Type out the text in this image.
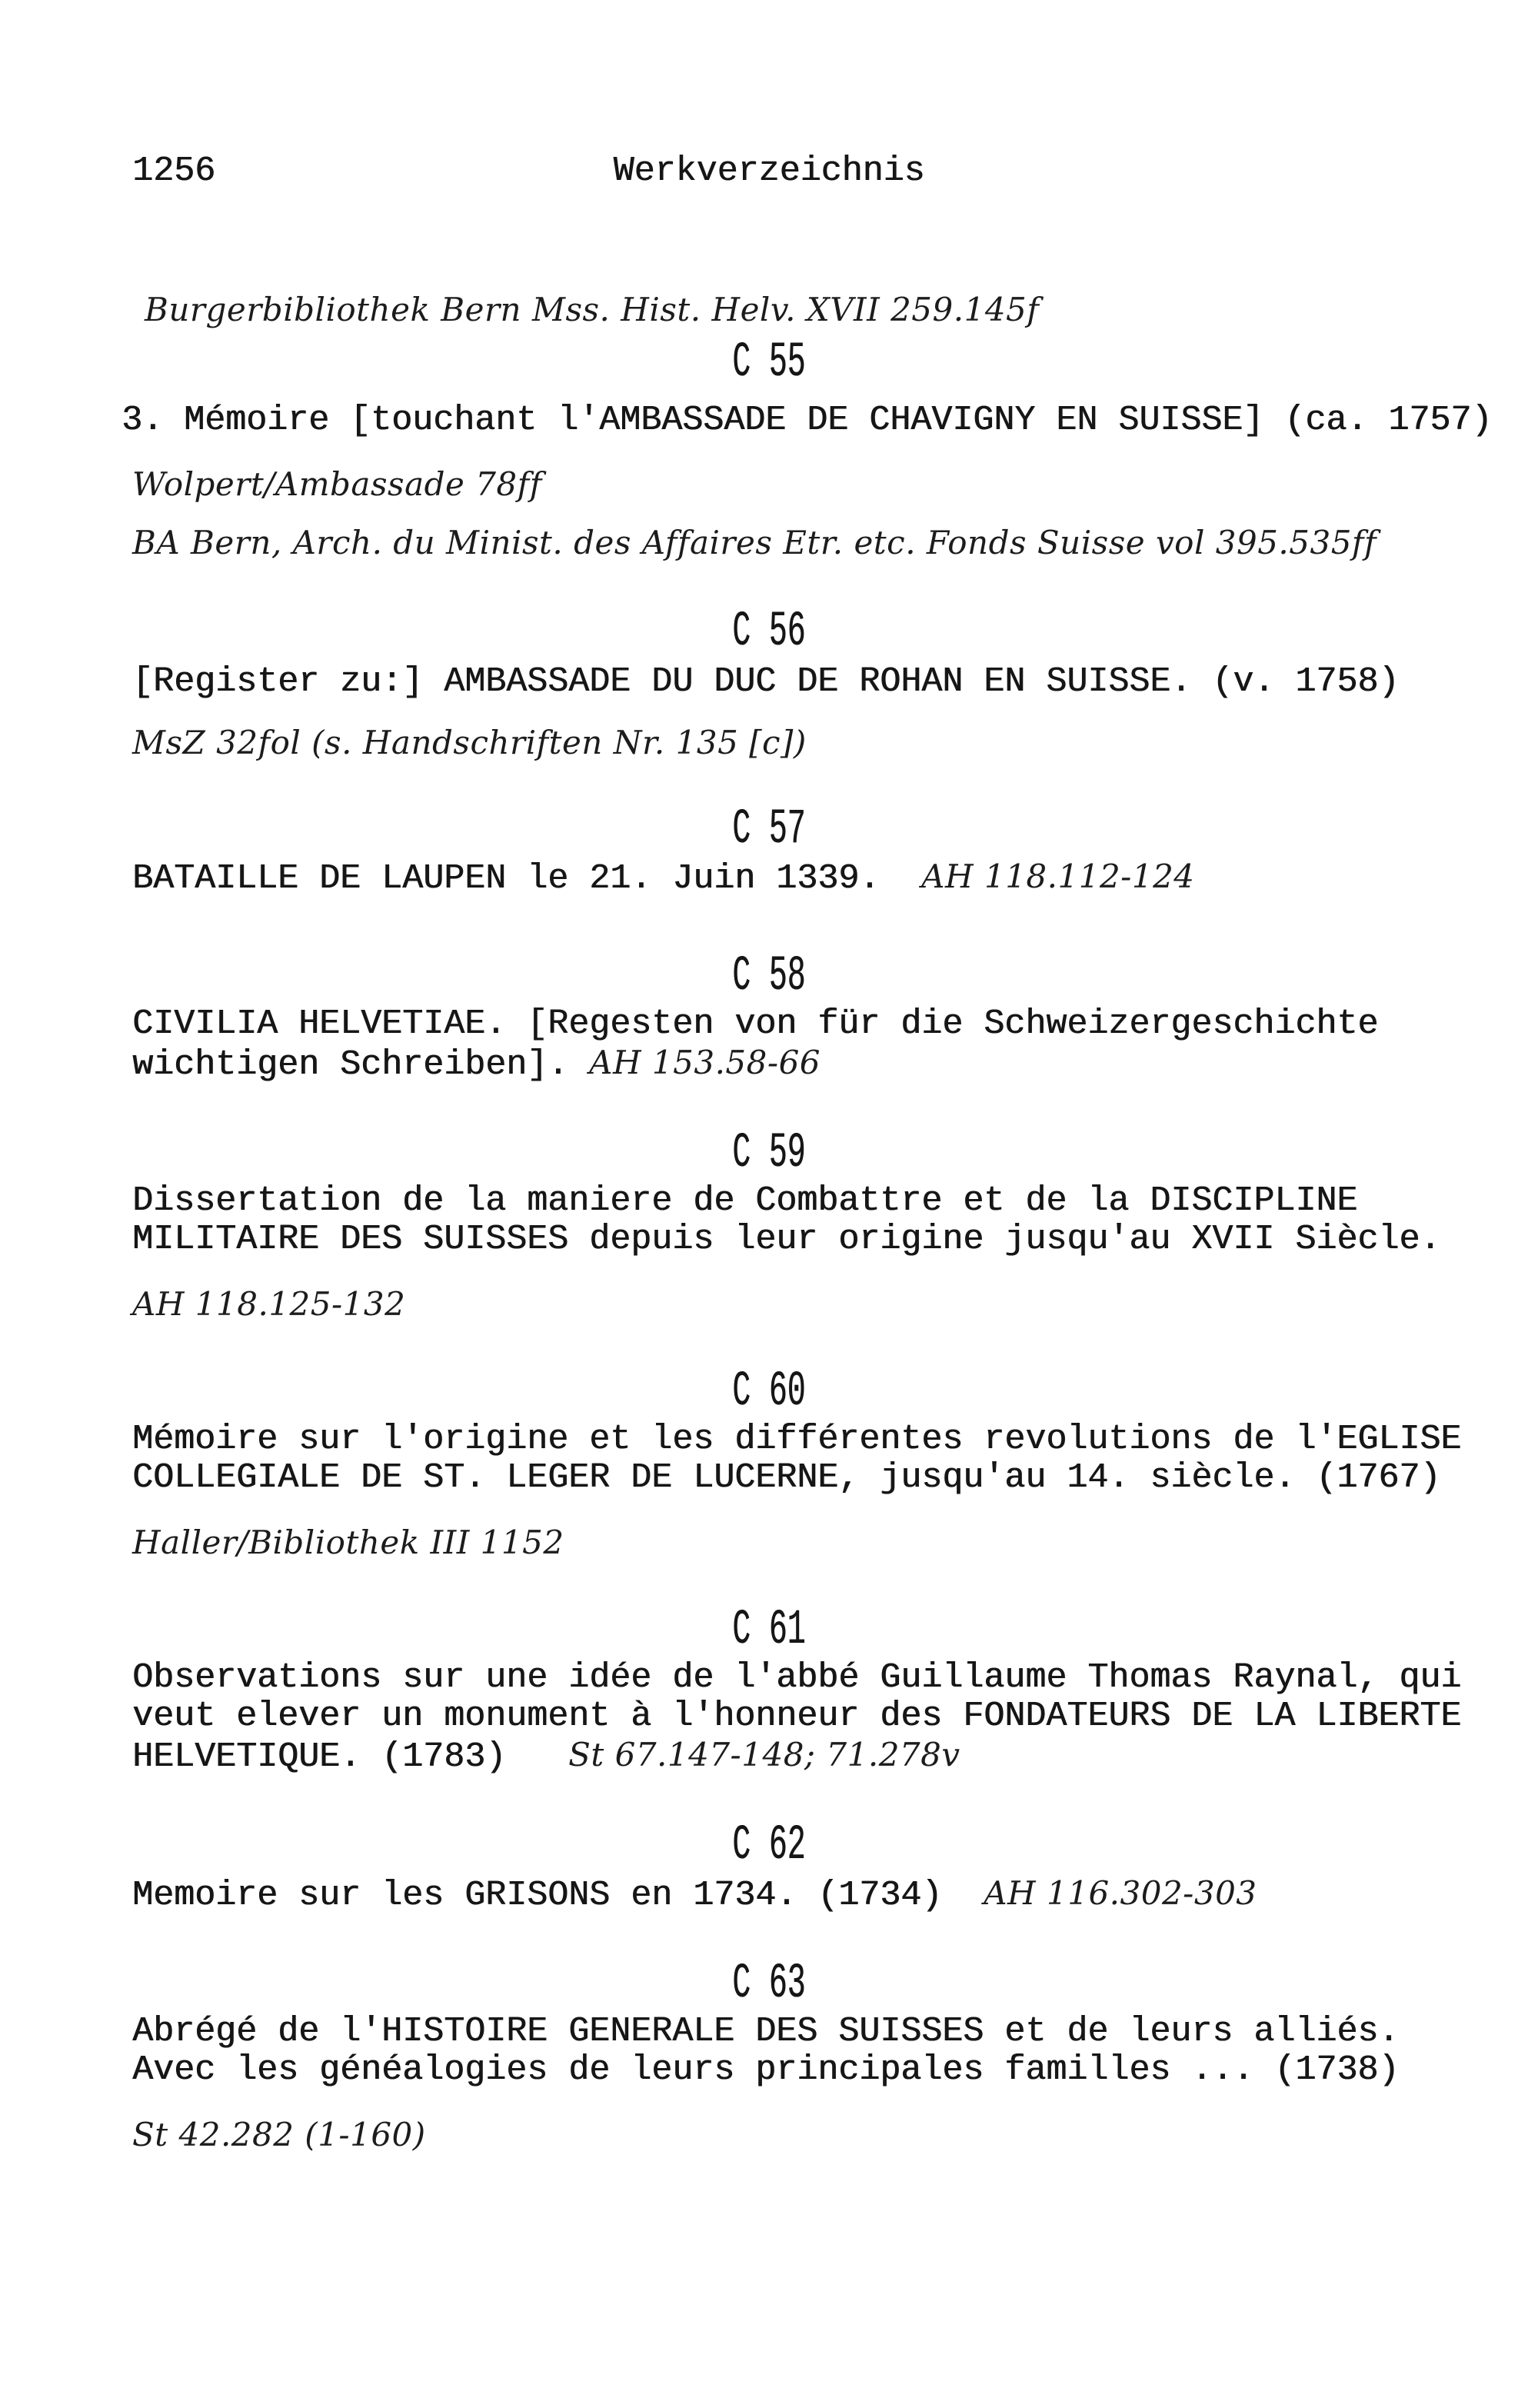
1256

	Werkverzeichnis

Burgerbibliothek Bern Mss. Hist. Helv. XVII 259.145f

C 55
3. Mémoire [touchant l'AMBASSADE DE CHAVIGNY EN SUISSE] (ca. 1757)
Wolpert/Ambassade 78ff
BA Bern, Arch. du Minist. des Affaires Etr. etc. Fonds Suisse vol 395.535ff
C 56
[Register zu:] AMBASSADE DU DUC DE ROHAN EN SUISSE. (v. 1758)
MsZ 32fol (s. Handschriften Nr. 135 [c])
C 57
BATAILLE DE LAUPEN le 21. Juin 1339.  AH 118.112-124
C 58
CIVILIA HELVETIAE. [Regesten von für die Schweizergeschichte
wichtigen Schreiben]. AH 153.58-66
C 59
Dissertation de la maniere de Combattre et de la DISCIPLINE
MILITAIRE DES SUISSES depuis leur origine jusqu'au XVII Siècle.
AH 118.125-132
C 60
Mémoire sur l'origine et les différentes revolutions de l'EGLISE
COLLEGIALE DE ST. LEGER DE LUCERNE, jusqu'au 14. siècle. (1767)
Haller/Bibliothek III 1152
C 61
Observations sur une idée de l'abbé Guillaume Thomas Raynal, qui
veut elever un monument à l'honneur des FONDATEURS DE LA LIBERTE
HELVETIQUE. (1783)   St 67.147-148; 71.278v
C 62
Memoire sur les GRISONS en 1734. (1734)  AH 116.302-303
C 63
Abrégé de l'HISTOIRE GENERALE DES SUISSES et de leurs alliés.
Avec les généalogies de leurs principales familles ... (1738)
St 42.282 (1-160)
